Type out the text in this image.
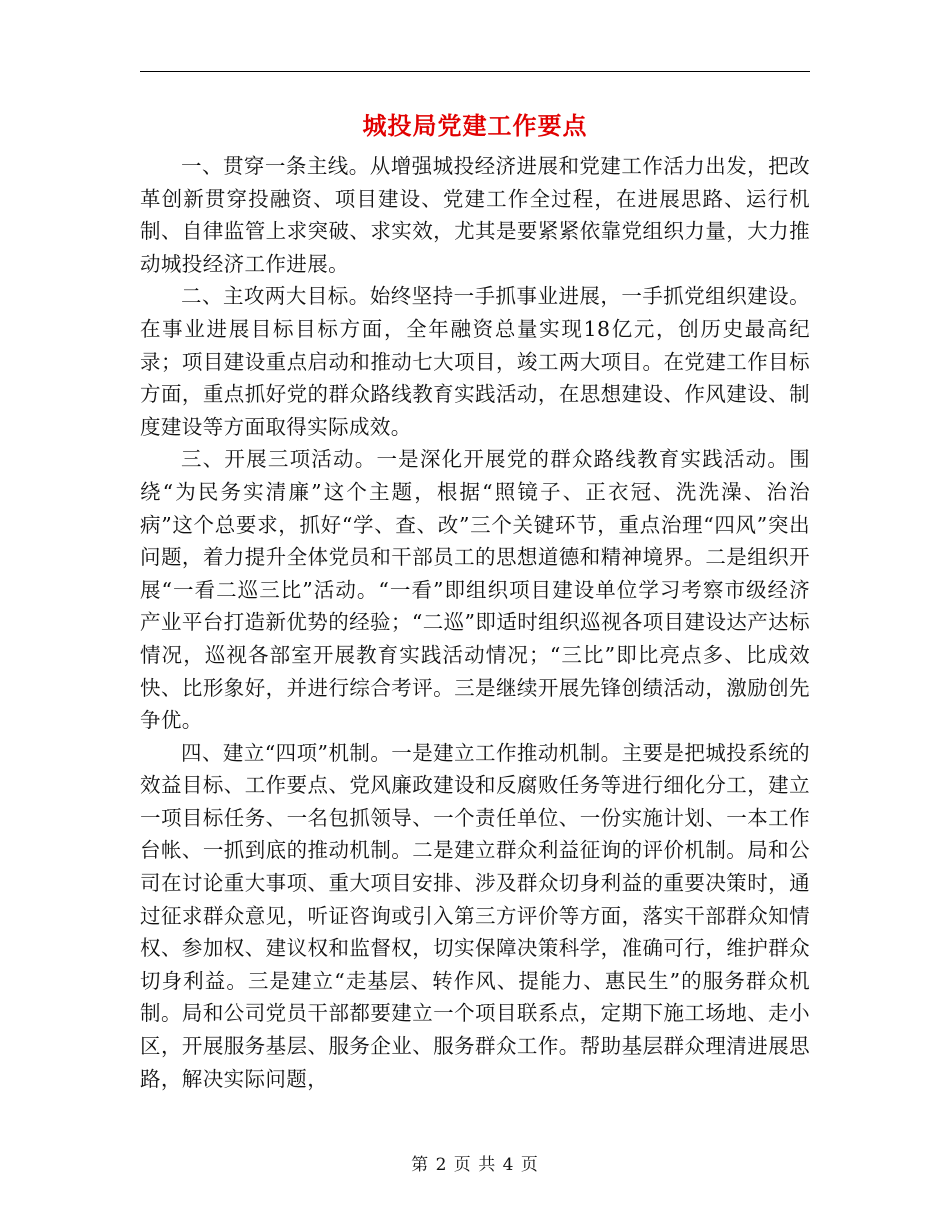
城投局党建工作要点

一、贯穿一条主线。从增强城投经济进展和党建工作活力出发，把改革创新贯穿投融资、项目建设、党建工作全过程，在进展思路、运行机制、自律监管上求突破、求实效，尤其是要紧紧依靠党组织力量，大力推动城投经济工作进展。

二、主攻两大目标。始终坚持一手抓事业进展，一手抓党组织建设。在事业进展目标目标方面，全年融资总量实现18亿元，创历史最高纪录；项目建设重点启动和推动七大项目，竣工两大项目。在党建工作目标方面，重点抓好党的群众路线教育实践活动，在思想建设、作风建设、制度建设等方面取得实际成效。

三、开展三项活动。一是深化开展党的群众路线教育实践活动。围绕“为民务实清廉”这个主题，根据“照镜子、正衣冠、洗洗澡、治治病”这个总要求，抓好“学、查、改”三个关键环节，重点治理“四风”突出问题，着力提升全体党员和干部员工的思想道德和精神境界。二是组织开展“一看二巡三比”活动。“一看”即组织项目建设单位学习考察市级经济产业平台打造新优势的经验；“二巡”即适时组织巡视各项目建设达产达标情况，巡视各部室开展教育实践活动情况；“三比”即比亮点多、比成效快、比形象好，并进行综合考评。三是继续开展先锋创绩活动，激励创先争优。

四、建立“四项”机制。一是建立工作推动机制。主要是把城投系统的效益目标、工作要点、党风廉政建设和反腐败任务等进行细化分工，建立一项目标任务、一名包抓领导、一个责任单位、一份实施计划、一本工作台帐、一抓到底的推动机制。二是建立群众利益征询的评价机制。局和公司在讨论重大事项、重大项目安排、涉及群众切身利益的重要决策时，通过征求群众意见，听证咨询或引入第三方评价等方面，落实干部群众知情权、参加权、建议权和监督权，切实保障决策科学，准确可行，维护群众切身利益。三是建立“走基层、转作风、提能力、惠民生”的服务群众机制。局和公司党员干部都要建立一个项目联系点，定期下施工场地、走小区，开展服务基层、服务企业、服务群众工作。帮助基层群众理清进展思路，解决实际问题，

第 2 页 共 4 页
